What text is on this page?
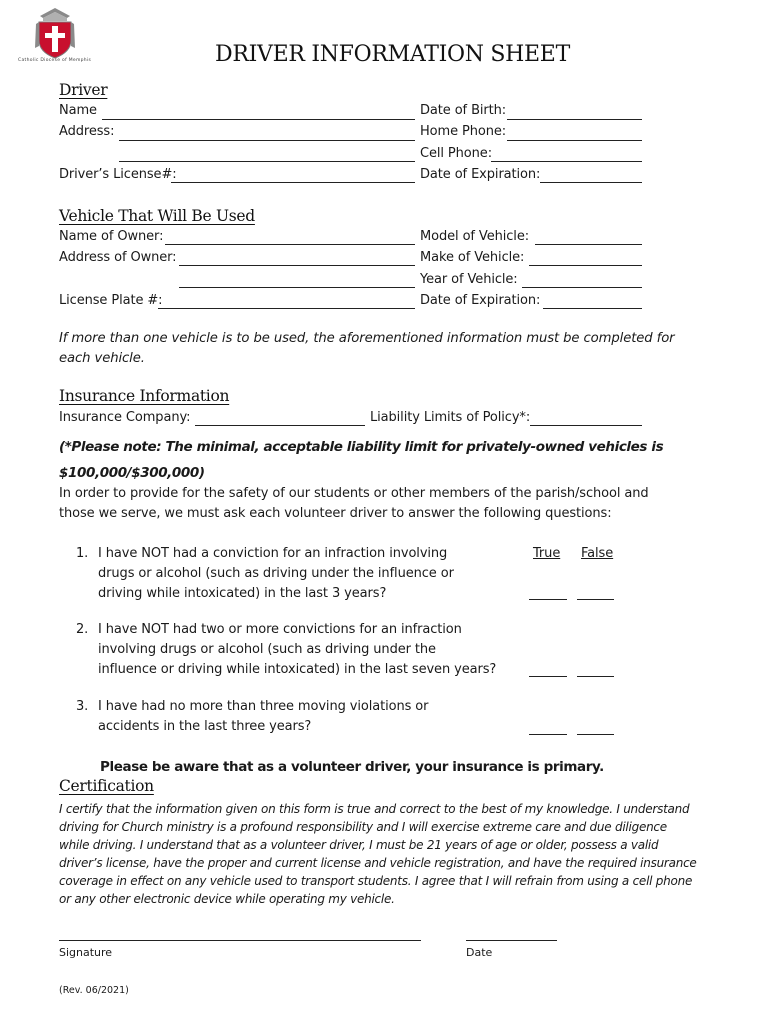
Catholic Diocese of Memphis	DRIVER INFORMATION SHEET
Driver
Name	Date of Birth:
Address:	Home Phone:
Cell Phone:
Driver’s License#:	Date of Expiration:
Vehicle That Will Be Used
Name of Owner:	Model of Vehicle:
Address of Owner:	Make of Vehicle:
Year of Vehicle:
License Plate #:	Date of Expiration:
If more than one vehicle is to be used, the aforementioned information must be completed for
each vehicle.
Insurance Information
Insurance Company:	Liability Limits of Policy*:
(*Please note: The minimal, acceptable liability limit for privately-owned vehicles is
$100,000/$300,000)
In order to provide for the safety of our students or other members of the parish/school and
those we serve, we must ask each volunteer driver to answer the following questions:
True False
1. I have NOT had a conviction for an infraction involving
drugs or alcohol (such as driving under the influence or
driving while intoxicated) in the last 3 years?
2. I have NOT had two or more convictions for an infraction
involving drugs or alcohol (such as driving under the
influence or driving while intoxicated) in the last seven years?
3. I have had no more than three moving violations or
accidents in the last three years?
Please be aware that as a volunteer driver, your insurance is primary.
Certification
I certify that the information given on this form is true and correct to the best of my knowledge. I understand driving for Church ministry is a profound responsibility and I will exercise extreme care and due diligence while driving. I understand that as a volunteer driver, I must be 21 years of age or older, possess a valid driver’s license, have the proper and current license and vehicle registration, and have the required insurance coverage in effect on any vehicle used to transport students. I agree that I will refrain from using a cell phone or any other electronic device while operating my vehicle.
Signature	Date
(Rev. 06/2021)
